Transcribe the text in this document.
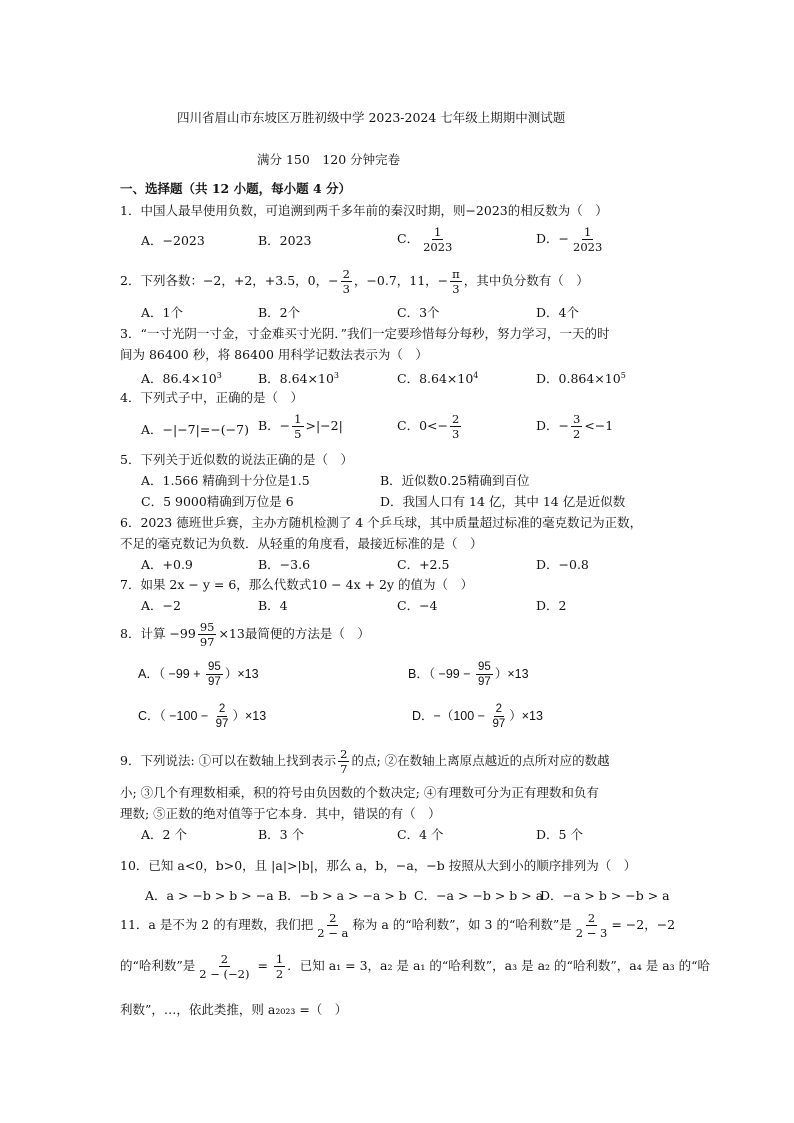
四川省眉山市东坡区万胜初级中学 2023-2024 七年级上期期中测试题
满分 150　120 分钟完卷
一、选择题（共 12 小题，每小题 4 分）
1．中国人最早使用负数，可追溯到两千多年前的秦汉时期，则−2023的相反数为（　）
A．−2023	B．2023	C． $\frac{1}{2023}$	D．− $\frac{1}{2023}$
2．下列各数：−2，+2，+3.5，0，− $\frac{2}{3}$ ，−0.7，11，− $\frac{\pi}{3}$ ，其中负分数有（　）
A．1个	B．2个	C．3个	D．4个
3．“一寸光阴一寸金，寸金难买寸光阴．”我们一定要珍惜每分每秒，努力学习，一天的时
间为 86400 秒，将 86400 用科学记数法表示为（　）
A．$86.4\times 10^3$	B．$8.64\times 10^3$	C．$8.64\times 10^4$	D．$0.864\times 10^5$
4．下列式子中，正确的是（　）
A．−|−7|=−(−7) B．− $\frac{1}{5} >|-2|$	C．$0<- \frac{2}{3}$	D．− $\frac{3}{2} <-1$
5．下列关于近似数的说法正确的是（　）
A．1.566 精确到十分位是1.5	B．近似数0.25精确到百位
C．5 9000精确到万位是 6	D．我国人口有 14 亿，其中 14 亿是近似数
6．2023 德班世乒赛，主办方随机检测了 4 个乒乓球，其中质量超过标准的毫克数记为正数，
不足的毫克数记为负数．从轻重的角度看，最接近标准的是（　）
A．+0.9	B．−3.6	C．+2.5	D．−0.8
7．如果 2x − y = 6，那么代数式10 − 4x + 2y 的值为（　）
A．−2	B．4	C．−4	D．2
8．计算 $-99 \frac{95}{97} \times 13$最简便的方法是（　）
A．（ $-99 + \frac{95}{97} )\times 13$	B．（ $-99 - \frac{95}{97} )\times 13$
C．（ $-100 - \frac{2}{97} )\times 13$	D．$-(100 - \frac{2}{97} )\times 13$
9．下列说法: ①可以在数轴上找到表示 $\frac{2}{7}$ 的点; ②在数轴上离原点越近的点所对应的数越
小; ③几个有理数相乘，积的符号由负因数的个数决定; ④有理数可分为正有理数和负有
理数; ⑤正数的绝对值等于它本身．其中，错误的有（　）
A．2 个	B．3 个	C．4 个	D．5 个
10．已知 a<0，b>0，且 |a|>|b|，那么 a，b，−a，−b 按照从大到小的顺序排列为（　）
A．a > −b > b > −a B．−b > a > −a > b C．−a > −b > b > a
D．−a > b > −b > a
11．a 是不为 2 的有理数，我们把 $\frac{2}{2 - a}$ 称为 a 的“哈利数”，如 3 的“哈利数”是 $\frac{2}{2 - 3} = -2$，−2
的“哈利数”是 $\frac{2}{2 - (-2)} = \frac{1}{2}$ ．已知 a₁ = 3，a₂ 是 a₁ 的“哈利数”，a₃ 是 a₂ 的“哈利数”，a₄ 是 a₃ 的“哈
利数”，…，依此类推，则 a₂₀₂₃ =（　）
